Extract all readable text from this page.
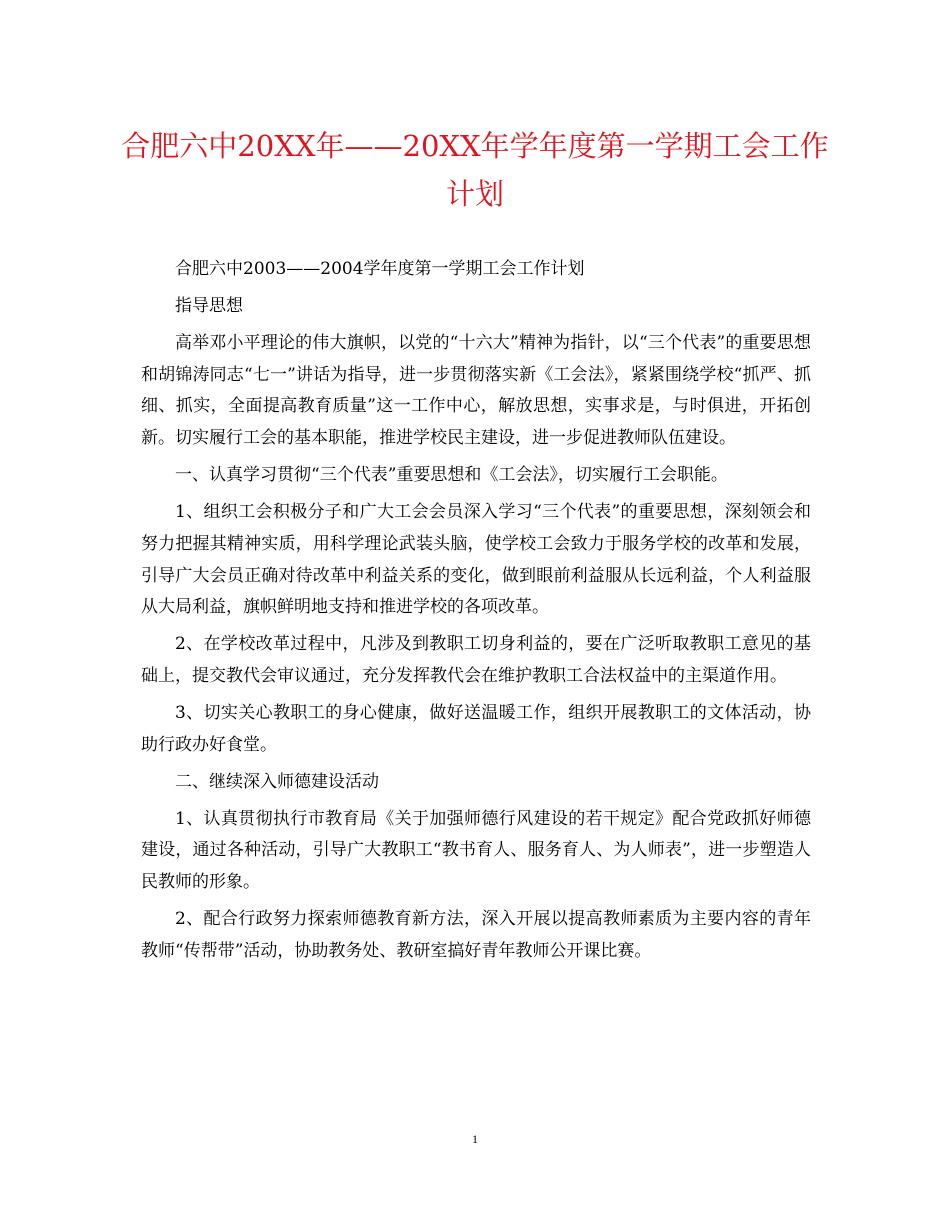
合肥六中20XX年——20XX年学年度第一学期工会工作计划

合肥六中2003——2004学年度第一学期工会工作计划

指导思想

高举邓小平理论的伟大旗帜，以党的“十六大”精神为指针，以“三个代表”的重要思想和胡锦涛同志“七一”讲话为指导，进一步贯彻落实新《工会法》，紧紧围绕学校“抓严、抓细、抓实，全面提高教育质量”这一工作中心，解放思想，实事求是，与时俱进，开拓创新。切实履行工会的基本职能，推进学校民主建设，进一步促进教师队伍建设。

一、认真学习贯彻“三个代表”重要思想和《工会法》，切实履行工会职能。

1、组织工会积极分子和广大工会会员深入学习“三个代表”的重要思想，深刻领会和努力把握其精神实质，用科学理论武装头脑，使学校工会致力于服务学校的改革和发展，引导广大会员正确对待改革中利益关系的变化，做到眼前利益服从长远利益，个人利益服从大局利益，旗帜鲜明地支持和推进学校的各项改革。

2、在学校改革过程中，凡涉及到教职工切身利益的，要在广泛听取教职工意见的基础上，提交教代会审议通过，充分发挥教代会在维护教职工合法权益中的主渠道作用。

3、切实关心教职工的身心健康，做好送温暖工作，组织开展教职工的文体活动，协助行政办好食堂。

二、继续深入师德建设活动

1、认真贯彻执行市教育局《关于加强师德行风建设的若干规定》配合党政抓好师德建设，通过各种活动，引导广大教职工“教书育人、服务育人、为人师表”，进一步塑造人民教师的形象。

2、配合行政努力探索师德教育新方法，深入开展以提高教师素质为主要内容的青年教师“传帮带”活动，协助教务处、教研室搞好青年教师公开课比赛。

1
